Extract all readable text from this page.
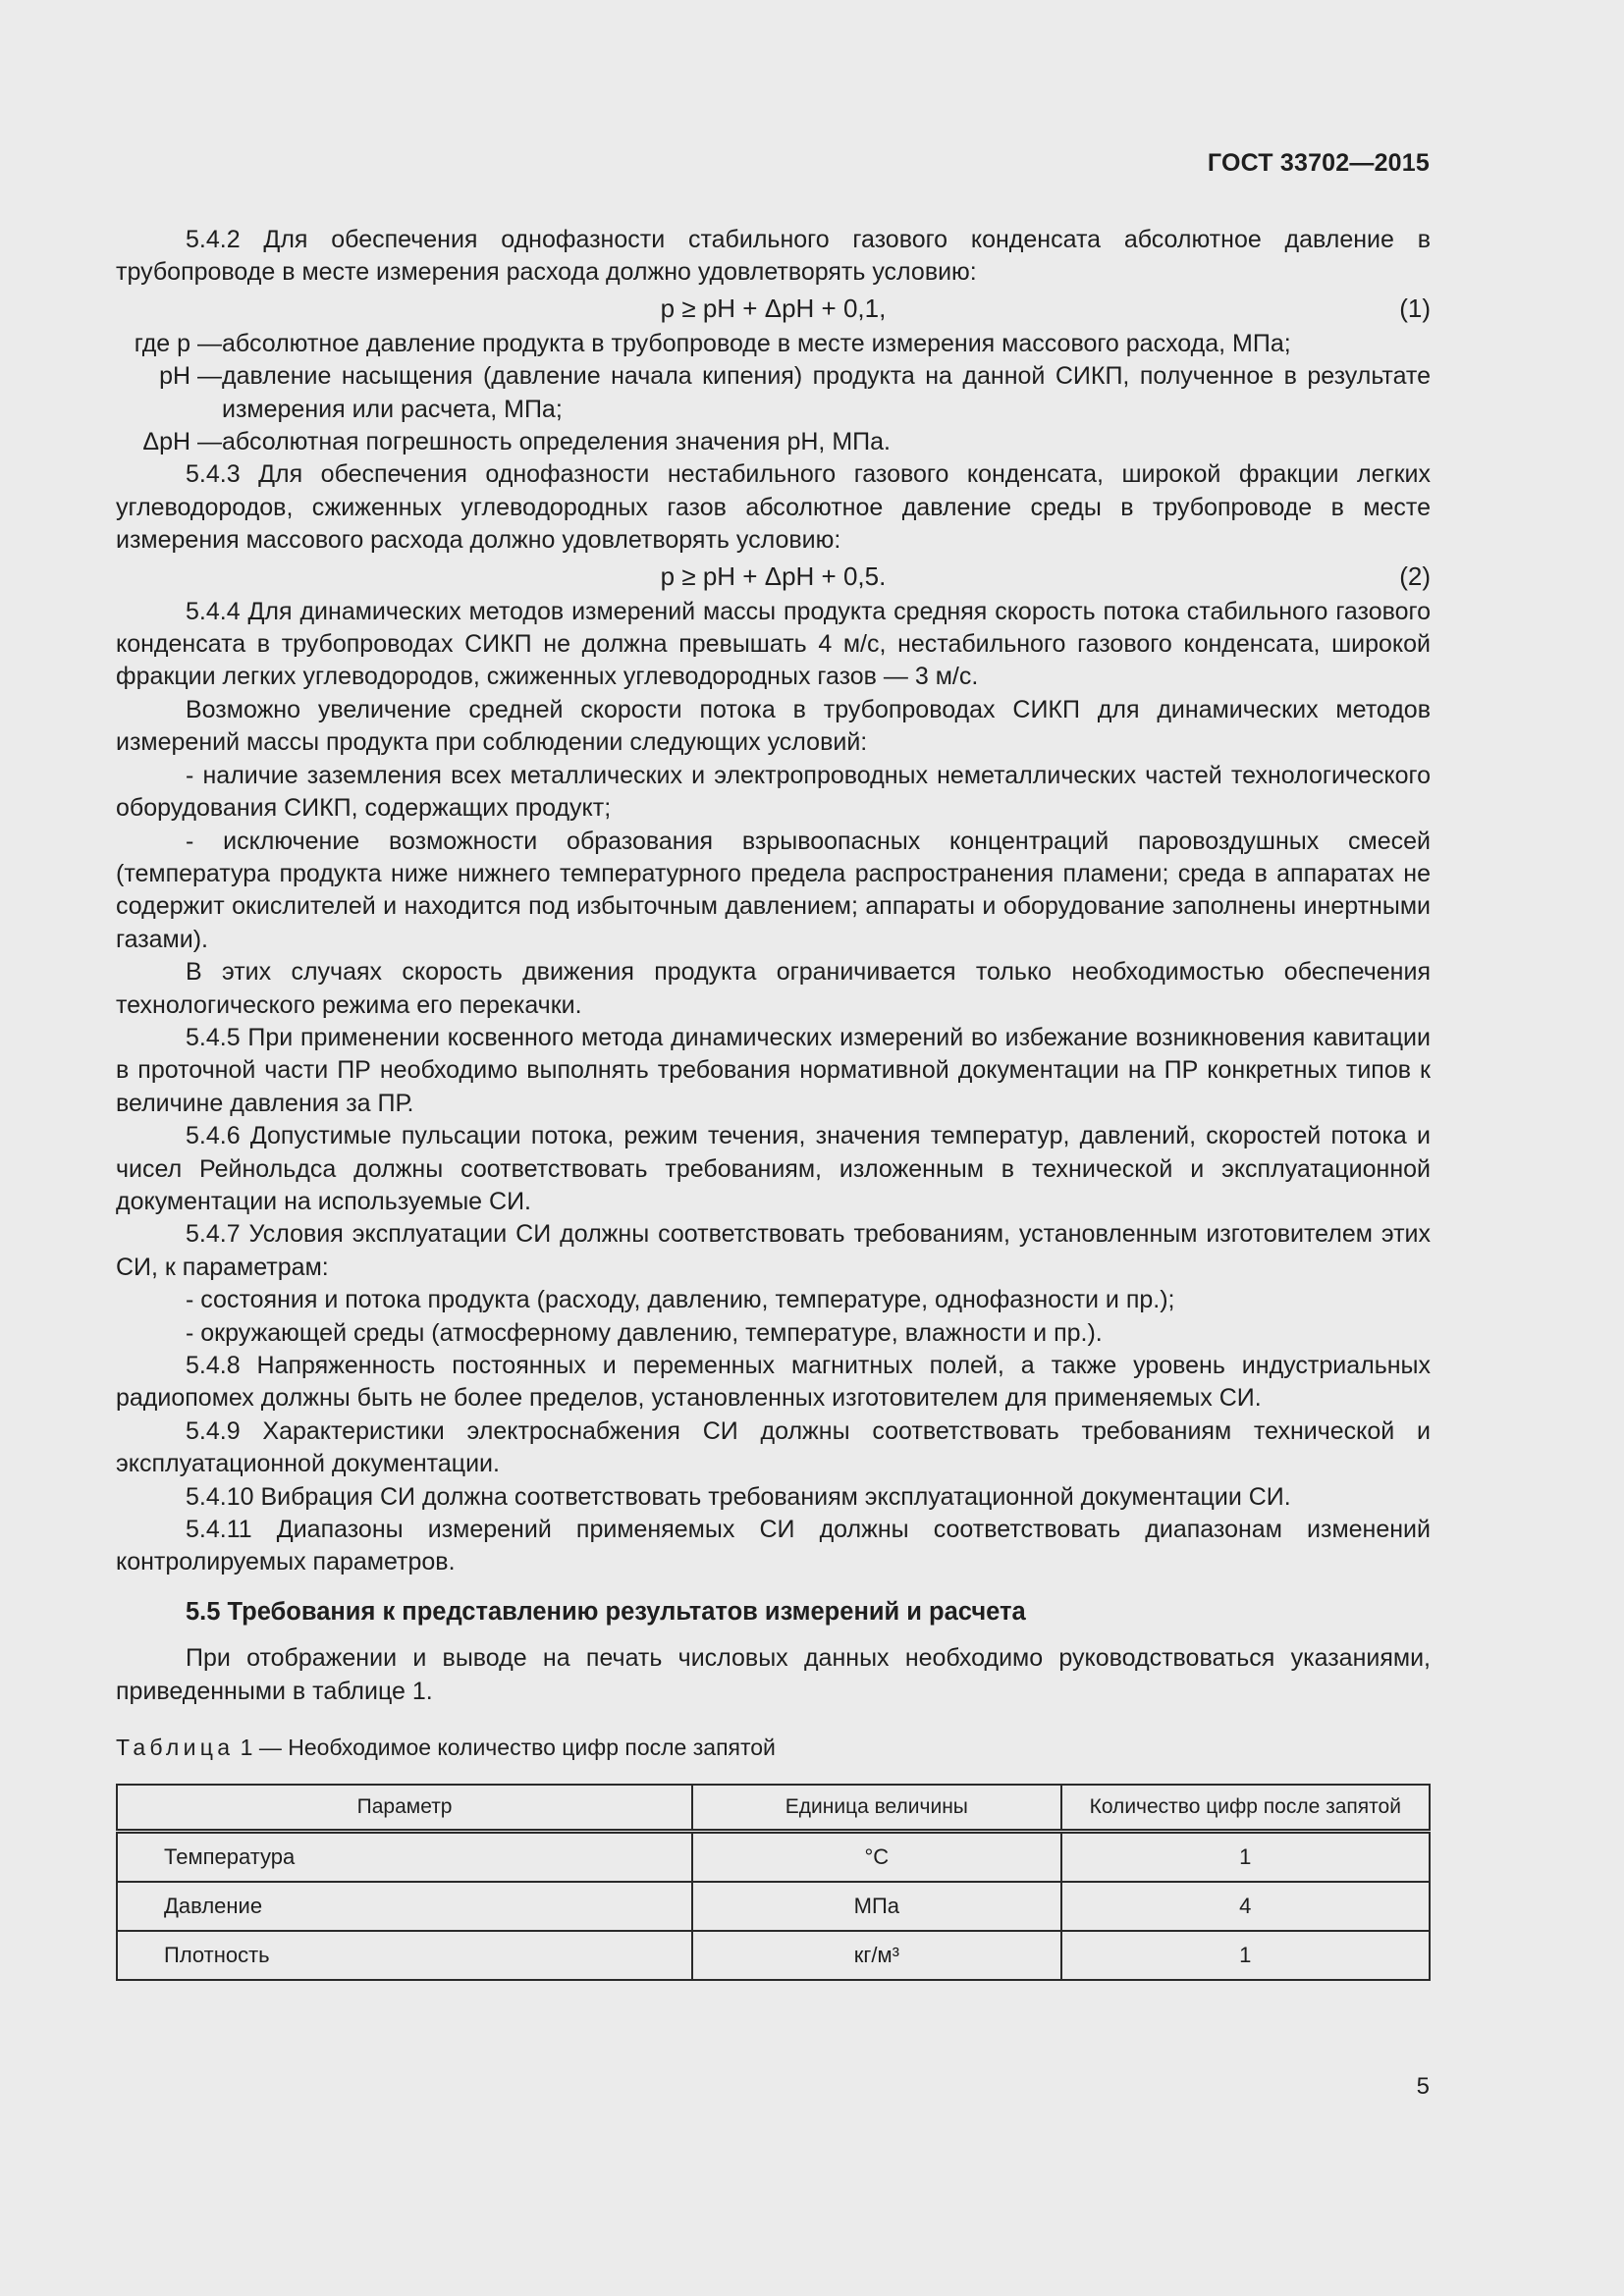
ГОСТ 33702—2015

5.4.2 Для обеспечения однофазности стабильного газового конденсата абсолютное давление в трубопроводе в месте измерения расхода должно удовлетворять условию:

p ≥ pН + ΔpН + 0,1,	(1)
где p — абсолютное давление продукта в трубопроводе в месте измерения массового расхода, МПа;
pН — давление насыщения (давление начала кипения) продукта на данной СИКП, полученное в результате измерения или расчета, МПа;
ΔpН — абсолютная погрешность определения значения pН, МПа.

5.4.3 Для обеспечения однофазности нестабильного газового конденсата, широкой фракции легких углеводородов, сжиженных углеводородных газов абсолютное давление среды в трубопроводе в месте измерения массового расхода должно удовлетворять условию:

p ≥ pН + ΔpН + 0,5.	(2)

5.4.4 Для динамических методов измерений массы продукта средняя скорость потока стабильного газового конденсата в трубопроводах СИКП не должна превышать 4 м/с, нестабильного газового конденсата, широкой фракции легких углеводородов, сжиженных углеводородных газов — 3 м/с.

Возможно увеличение средней скорости потока в трубопроводах СИКП для динамических методов измерений массы продукта при соблюдении следующих условий:

- наличие заземления всех металлических и электропроводных неметаллических частей технологического оборудования СИКП, содержащих продукт;

- исключение возможности образования взрывоопасных концентраций паровоздушных смесей (температура продукта ниже нижнего температурного предела распространения пламени; среда в аппаратах не содержит окислителей и находится под избыточным давлением; аппараты и оборудование заполнены инертными газами).

В этих случаях скорость движения продукта ограничивается только необходимостью обеспечения технологического режима его перекачки.

5.4.5 При применении косвенного метода динамических измерений во избежание возникновения кавитации в проточной части ПР необходимо выполнять требования нормативной документации на ПР конкретных типов к величине давления за ПР.

5.4.6 Допустимые пульсации потока, режим течения, значения температур, давлений, скоростей потока и чисел Рейнольдса должны соответствовать требованиям, изложенным в технической и эксплуатационной документации на используемые СИ.

5.4.7 Условия эксплуатации СИ должны соответствовать требованиям, установленным изготовителем этих СИ, к параметрам:

- состояния и потока продукта (расходу, давлению, температуре, однофазности и пр.);

- окружающей среды (атмосферному давлению, температуре, влажности и пр.).

5.4.8 Напряженность постоянных и переменных магнитных полей, а также уровень индустриальных радиопомех должны быть не более пределов, установленных изготовителем для применяемых СИ.

5.4.9 Характеристики электроснабжения СИ должны соответствовать требованиям технической и эксплуатационной документации.

5.4.10 Вибрация СИ должна соответствовать требованиям эксплуатационной документации СИ.

5.4.11 Диапазоны измерений применяемых СИ должны соответствовать диапазонам изменений контролируемых параметров.

5.5 Требования к представлению результатов измерений и расчета

При отображении и выводе на печать числовых данных необходимо руководствоваться указаниями, приведенными в таблице 1.

Таблица 1 — Необходимое количество цифр после запятой

Параметр	Единица величины	Количество цифр после запятой
Температура	°C	1
Давление	МПа	4
Плотность	кг/м³	1
5
